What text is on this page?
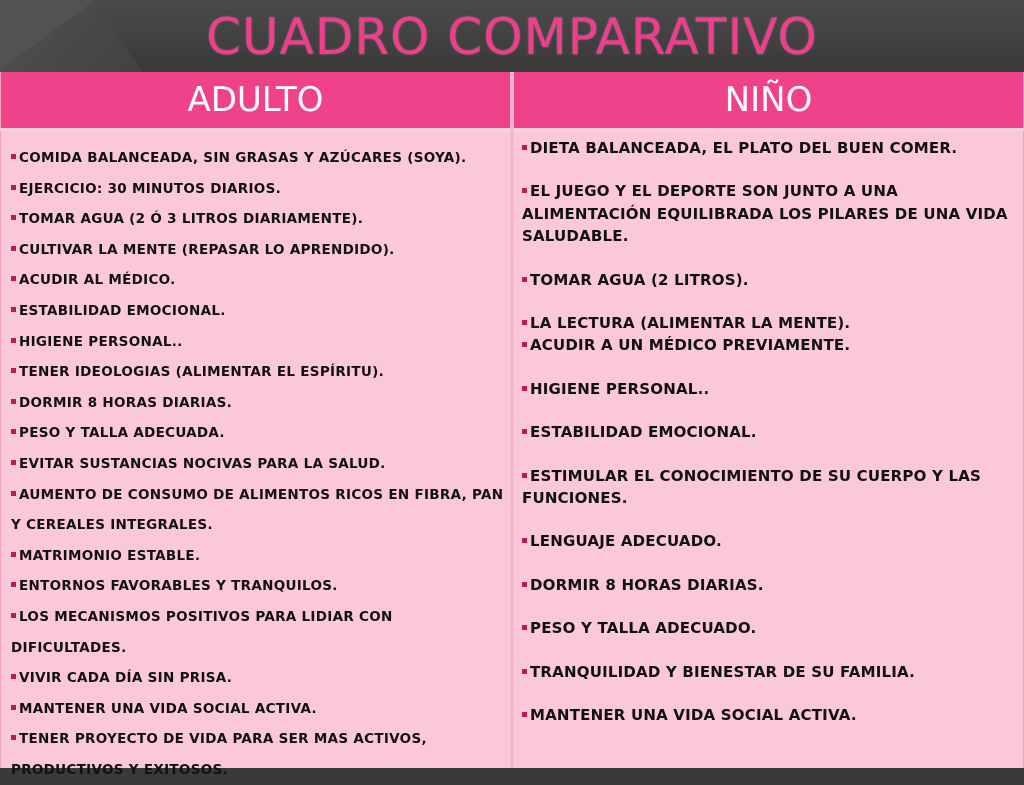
CUADRO COMPARATIVO
ADULTO	NIÑO
COMIDA BALANCEADA, SIN GRASAS Y AZÚCARES (SOYA).
EJERCICIO: 30 MINUTOS DIARIOS.
TOMAR AGUA (2 Ó 3 LITROS DIARIAMENTE).
CULTIVAR LA MENTE (REPASAR LO APRENDIDO).
ACUDIR AL MÉDICO.
ESTABILIDAD EMOCIONAL.
HIGIENE PERSONAL..
TENER IDEOLOGIAS (ALIMENTAR EL ESPÍRITU).
DORMIR 8 HORAS DIARIAS.
PESO Y TALLA ADECUADA.
EVITAR SUSTANCIAS NOCIVAS PARA LA SALUD.
AUMENTO DE CONSUMO DE ALIMENTOS RICOS EN FIBRA, PAN Y CEREALES INTEGRALES.
MATRIMONIO ESTABLE.
ENTORNOS FAVORABLES Y TRANQUILOS.
LOS MECANISMOS POSITIVOS PARA LIDIAR CON DIFICULTADES.
VIVIR CADA DÍA SIN PRISA.
MANTENER UNA VIDA SOCIAL ACTIVA.
TENER PROYECTO DE VIDA PARA SER MAS ACTIVOS, PRODUCTIVOS Y EXITOSOS.
DIETA BALANCEADA, EL PLATO DEL BUEN COMER.
EL JUEGO Y EL DEPORTE SON JUNTO A UNA ALIMENTACIÓN EQUILIBRADA LOS PILARES DE UNA VIDA SALUDABLE.
TOMAR AGUA (2 LITROS).
LA LECTURA (ALIMENTAR LA MENTE).
ACUDIR A UN MÉDICO PREVIAMENTE.
HIGIENE PERSONAL..
ESTABILIDAD EMOCIONAL.
ESTIMULAR EL CONOCIMIENTO DE SU CUERPO Y LAS FUNCIONES.
LENGUAJE ADECUADO.
DORMIR 8 HORAS DIARIAS.
PESO Y TALLA ADECUADO.
TRANQUILIDAD Y BIENESTAR DE SU FAMILIA.
MANTENER UNA VIDA SOCIAL ACTIVA.
